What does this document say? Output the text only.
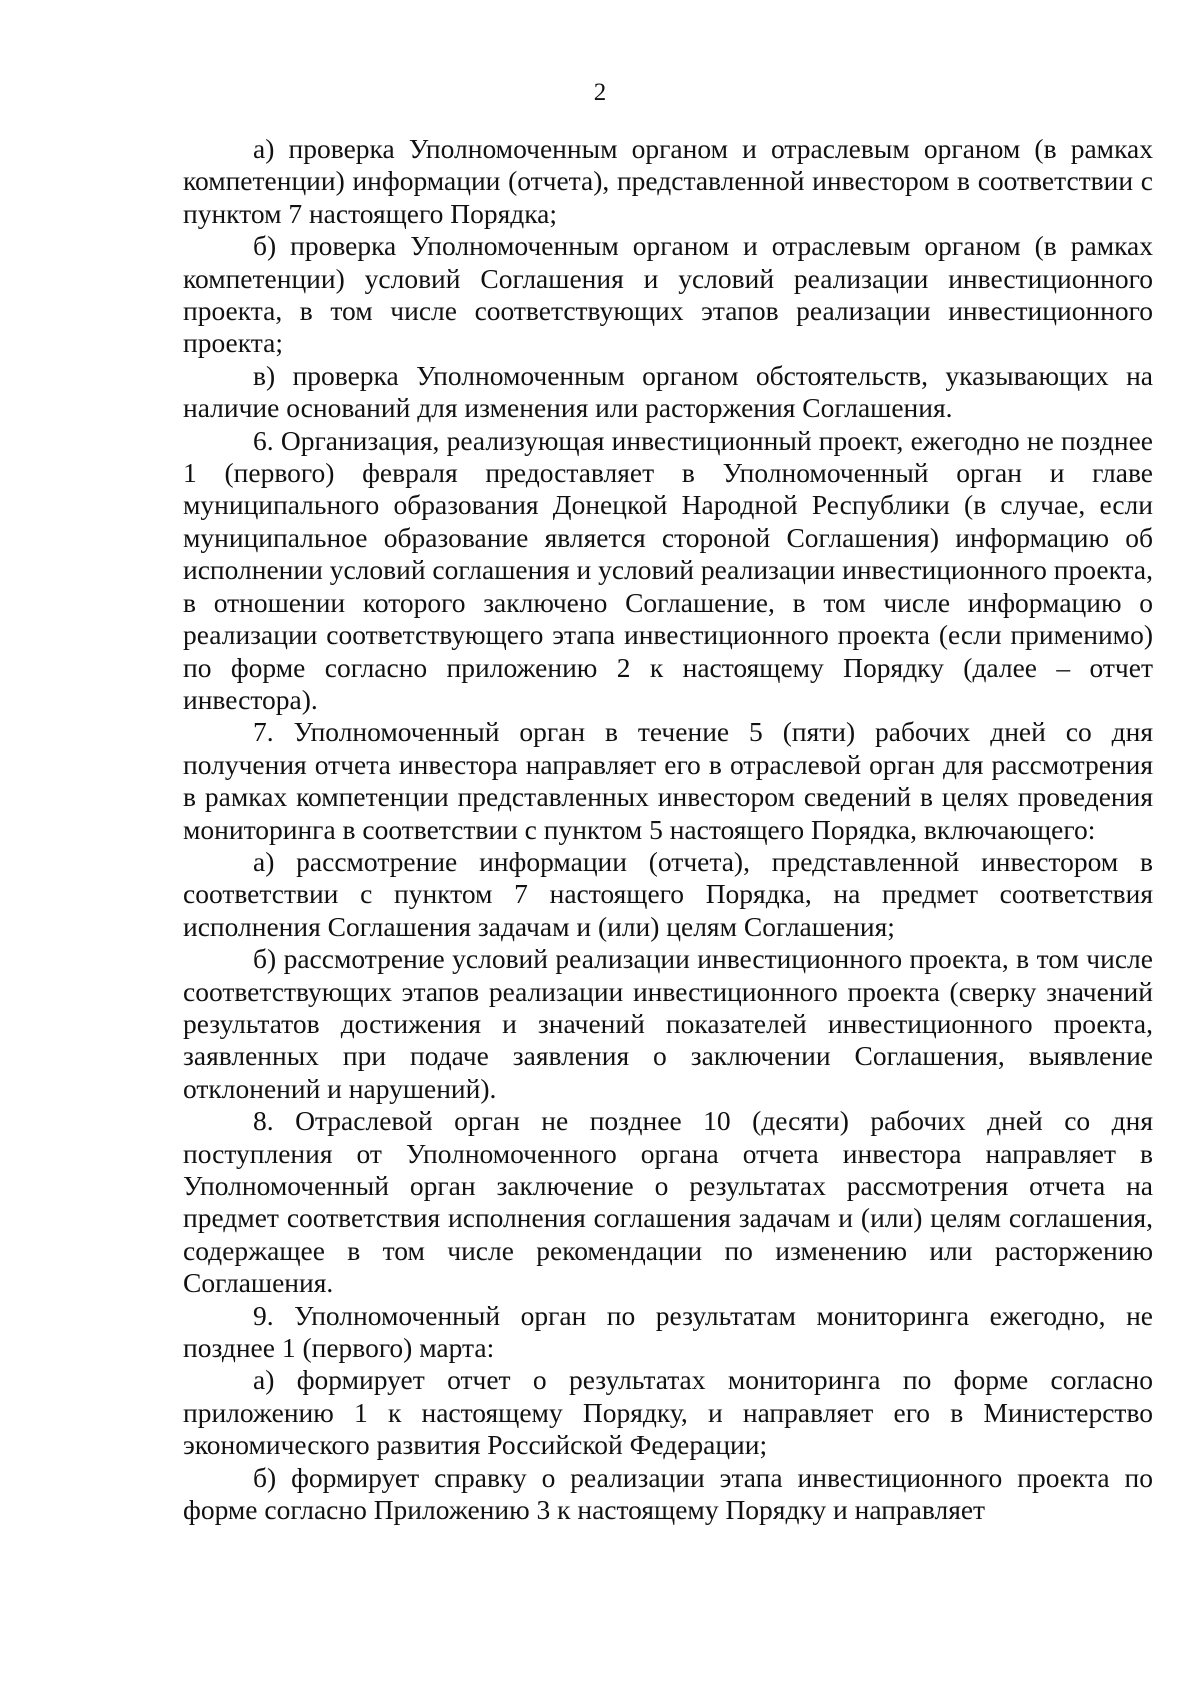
2

а) проверка Уполномоченным органом и отраслевым органом (в рамках компетенции) информации (отчета), представленной инвестором в соответствии с пунктом 7 настоящего Порядка;

б) проверка Уполномоченным органом и отраслевым органом (в рамках компетенции) условий Соглашения и условий реализации инвестиционного проекта, в том числе соответствующих этапов реализации инвестиционного проекта;

в) проверка Уполномоченным органом обстоятельств, указывающих на наличие оснований для изменения или расторжения Соглашения.

6. Организация, реализующая инвестиционный проект, ежегодно не позднее 1 (первого) февраля предоставляет в Уполномоченный орган и главе муниципального образования Донецкой Народной Республики (в случае, если муниципальное образование является стороной Соглашения) информацию об исполнении условий соглашения и условий реализации инвестиционного проекта, в отношении которого заключено Соглашение, в том числе информацию о реализации соответствующего этапа инвестиционного проекта (если применимо) по форме согласно приложению 2 к настоящему Порядку (далее – отчет инвестора).

7. Уполномоченный орган в течение 5 (пяти) рабочих дней со дня получения отчета инвестора направляет его в отраслевой орган для рассмотрения в рамках компетенции представленных инвестором сведений в целях проведения мониторинга в соответствии с пунктом 5 настоящего Порядка, включающего:

а) рассмотрение информации (отчета), представленной инвестором в соответствии с пунктом 7 настоящего Порядка, на предмет соответствия исполнения Соглашения задачам и (или) целям Соглашения;

б) рассмотрение условий реализации инвестиционного проекта, в том числе соответствующих этапов реализации инвестиционного проекта (сверку значений результатов достижения и значений показателей инвестиционного проекта, заявленных при подаче заявления о заключении Соглашения, выявление отклонений и нарушений).

8. Отраслевой орган не позднее 10 (десяти) рабочих дней со дня поступления от Уполномоченного органа отчета инвестора направляет в Уполномоченный орган заключение о результатах рассмотрения отчета на предмет соответствия исполнения соглашения задачам и (или) целям соглашения, содержащее в том числе рекомендации по изменению или расторжению Соглашения.

9. Уполномоченный орган по результатам мониторинга ежегодно, не позднее 1 (первого) марта:

а) формирует отчет о результатах мониторинга по форме согласно приложению 1 к настоящему Порядку, и направляет его в Министерство экономического развития Российской Федерации;

б) формирует справку о реализации этапа инвестиционного проекта по форме согласно Приложению 3 к настоящему Порядку и направляет
